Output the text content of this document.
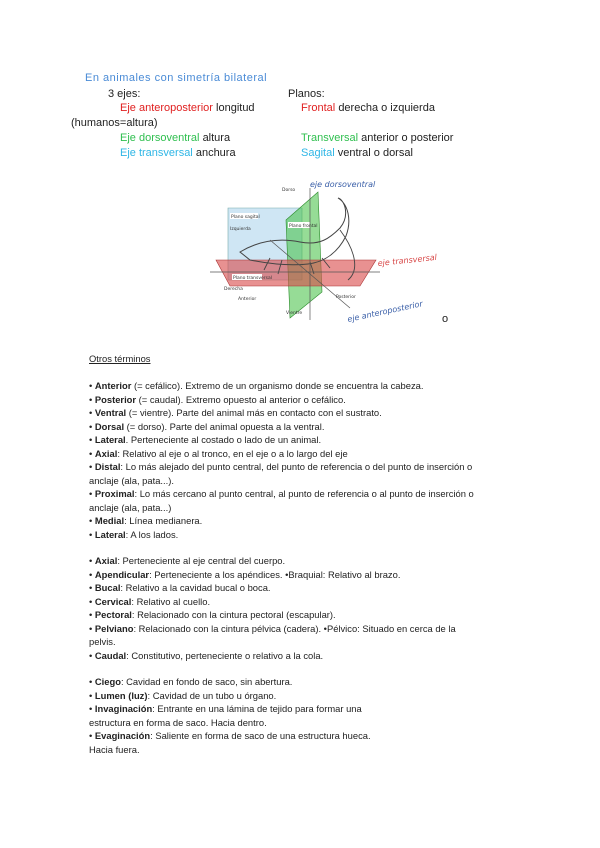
En animales con simetría bilateral
3 ejes:	Planos:
Eje anteroposterior longitud	Frontal derecha o izquierda
(humanos=altura)
Eje dorsoventral altura	Transversal anterior o posterior
Eje transversal anchura	Sagital ventral o dorsal
Dorso
Plano sagital
Izquierda
Plano frontal
Plano transversal
Anterior
Derecha
Posterior
Vientre
eje dorsoventral
eje transversal
eje anteroposterior o
Otros términos
• Anterior (= cefálico). Extremo de un organismo donde se encuentra la cabeza.
• Posterior (= caudal). Extremo opuesto al anterior o cefálico.
• Ventral (= vientre). Parte del animal más en contacto con el sustrato.
• Dorsal (= dorso). Parte del animal opuesta a la ventral.
• Lateral. Perteneciente al costado o lado de un animal.
• Axial: Relativo al eje o al tronco, en el eje o a lo largo del eje
• Distal: Lo más alejado del punto central, del punto de referencia o del punto de inserción o
anclaje (ala, pata...).
• Proximal: Lo más cercano al punto central, al punto de referencia o al punto de inserción o
anclaje (ala, pata...)
• Medial: Línea medianera.
• Lateral: A los lados.
• Axial: Perteneciente al eje central del cuerpo.
• Apendicular: Perteneciente a los apéndices. •Braquial: Relativo al brazo.
• Bucal: Relativo a la cavidad bucal o boca.
• Cervical: Relativo al cuello.
• Pectoral: Relacionado con la cintura pectoral (escapular).
• Pelviano: Relacionado con la cintura pélvica (cadera). •Pélvico: Situado en cerca de la
pelvis.
• Caudal: Constitutivo, perteneciente o relativo a la cola.
• Ciego: Cavidad en fondo de saco, sin abertura.
• Lumen (luz): Cavidad de un tubo u órgano.
• Invaginación: Entrante en una lámina de tejido para formar una
estructura en forma de saco. Hacia dentro.
• Evaginación: Saliente en forma de saco de una estructura hueca.
Hacia fuera.
